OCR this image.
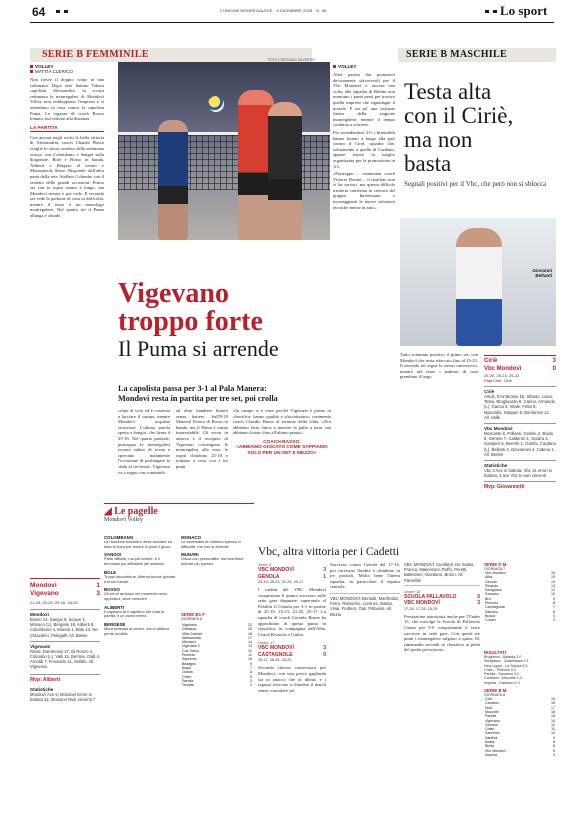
64	L'UNIONE MONREGALESE · 3 DICEMBRE 2025 · N. 46	Lo sport
SERIE B FEMMINILE	FOTO CRISTIANO SILVESTRI
VOLLEY
MATTIA CLERICO
Non riesce il doppio colpo in una settimana. Dopo aver battuto Tabora capolista Alessandria, la scorsa settimana le monregalesi di Mondovì Volley non raddoppiano l'impresa e si arrendono in casa contro la capolista Puma. Le ragazze di coach Bosco lottano, ma cedono alla distanza.
LA PARTITA
Con ancora negli occhi la bella vittoria di Alessandria, coach Claudio Basso sceglie lo stesso sestetto della settimana scorsa, con Colombano e Sangoi sulla diagonale, Bole e Bosso in banda, Aliberti e Bergese al centro e Monasterolo libero. Risponde, dall'altra parte della rete, Stellato Colombo con il sestetto delle grandi occasioni. Primo set con le ospiti avanti a lungo, ma Mondovì rientra e poi cede. Il secondo set vede le padrone di casa in difficoltà, mentre il terzo è un monologo monregalese. Nel quarto set il Puma allunga e chiude.
Vigevano
troppo forte
Il Puma si arrende
La capolista passa per 3-1 al Pala Manera:
Mondovì resta in partita per tre set, poi crolla
colpo al volo ed è costretta a lasciare il campo, mentre Mondovì acquista sicurezza. L'ultima parola spetta a Sangoi, che firma il 25-16. Nel quarto parziale, purtroppo le monregalesi escono subito di scena e sprecano malamente l'occasione di prolungare la sfida al tie-break. Vigevano va a segno con continuità.
ad altre bandiere bianca senza battere. Sull'8-10 Manera! Errore di Bosso in banda, ma il Puma è ormai inarrestabile. Gli errori in attacco e il recupero di Vigevano costringono le monregalesi alla resa: le ospiti chiudono 25-18 e tornano a casa con i tre punti.
«In campo si è visto perché Vigevano è primo in classifica: hanno qualità e sfaccettature» commenta coach Claudio Basso al termine della sfida. «Noi abbiamo fatto fatica a mettere la palla a terra, ma abbiamo lottato fino all'ultimo punto».
COACH BASSO:
«ABBIAMO GIOCATO COME SAPPIAMO SOLO PER UN SET E MEZZO»
◢ Le pagelle
Mondovì Volley
COLOMBANO
La ricezione traballa e deve lavorare su tutta la linea per tenere in piedi il gioco.
SANGOI
Parte difficile, ma poi cresce, è il terminale più affidabile del sestetto.
BOLE
Troppi discontinua. Alterna buone giocate a errori banali.
BOSSO
Gli errori arrivano nei momenti meno opportuni, deve crescere.
ALIBERTI
Il capitano fa il capitano per tutta la partita, è un punto fermo.
BERGESE
Mura ordinato al centro, ma in attacco perde lucidità.
MONACO
Le avversarie la mettono spesso in difficoltà, ma non si arrende.
MUNARI
Gioca con personalità, ma dovrebbe entrare più spesso.
SERIE B1 F
GIORNATA 8
Vigevano	22
Garlasco	20
Villa Cortese	18
Alessandria	17
Mondovì	14
Vigevano 2	13
Cus Torino	12
Pinerolo	11
Sanremo	10
Bistagno	9
Acqui	7
Ovada	6
Chieri	5
Parella	3
Trecate	2
Mondovì	1
Vigevano	3
21-25, 20-25, 25-16, 18-25
Mondovì
Bosso 14, Sangoi 9, Sciave 1, Monaco (L), Bergese 16, Aliberti 8, Colombano 4, Munari 1, Bole 13. Ne: Chiavarini, Pelegalli. All. Basso
Vigevano
Rossi, Dambrosio 17, Di Ronzo 4, Colombo (L), Valli 15, Berrina, Galli 4, Arnoldi 7, Fonsoldo 11, Sellitto. All. Vigevano
Mvp: Aliberti
Statistiche
Mondovì Ace 5, Mondovì Errori in battuta 12, Mondovì Muri vincenti 7
SERIE B MASCHILE
VOLLEY
Altra partita dai pronostici decisamente sfavorevoli per il Vbc Mondovì e, ancora una volta, alla squadra di Bertini non mancano i punti persi per trovare quella impresa che riguadagni il morale. E un po' una costante finora della stagione monregalese, mentre il tempo continua a scorrere.
Per arrendendosi 3-0, i biancoblù hanno lottato a lungo alla pari contro il Ciriè, squadra che, solitamente a quella di Cardano, appare essere la meglio organizzata per la promozione in A3.
«Purtroppo – commenta coach Vittorio Bertini – il risultato non ci ha sorriso, ma questa difficile trasferta conferma la crescita del gruppo. Interessanti e incoraggianti le nuove soluzioni tecniche messe in atto».
Testa alta
con il Ciriè,
ma non
basta
Segnali positivi per il Vbc, che però non si sblocca
Giovanni Bellanti
Tutto sommato positivo il primo set, con Mondovì che resta attaccato fino al 23-23. Il secondo set segue lo stesso canovaccio, mentre nel terzo i padroni di casa prendono il largo.
Ciriè	3
Vbc Mondovì	0
25-20, 25-23, 25-22
Pala Ciriè, Ciriè
Ciriè
Artioli, D'Ambrosio 15, Sifanto, Loiza, Testa, Brugliuardo 8, Carino, Armando (L), Garcia 2, Vitale, Fetta 8. Macciolla, Gasperi 8, Bonfantini 12. All. Vallè
Vbc Mondovì
Mercante 6, Pollarsi, Gentile 2, Boido 8, Genero 7, Calderon 1, Sciaira 3, Gamperi 6, Berretti 1, Gambi, Cardano (L), Bellanti 3, Giovannini 4, Catena 1. All. Bertini
Statistiche
Vbc 3 Ace in battuta; Vbc 14 errori in battuta, 3 ace Vbc 5 muri vincenti
Mvp: Giovannetti
Vbc, altra vittoria per i Cadetti
Serie D
VBC MONDOVÌ	3
GENOLA	1
25-19, 25-23, 21-25, 25-17
I cadetti del VBC Mondovì conquistano il quinto successo sulle sette gare disputate, superando al Palalitti il Genola per 3-1 in partite di 25-19, 25-23, 21-25, 25-17. La squadra di coach Corrado Bruno ha approfittato di questo punto in classifica, in compagnia dell'Alba, Coach Rivarolo e Giulia.
Under 17
VBC MONDOVÌ	3
CASTAGNOLE	0
25-21, 26-24, 25-22
Seconda vittoria consecutiva per Mondovì, con una prova gagliarda sia in attacco che in difesa, e i ragazzi riescono a chiudere il match senza concedere set.
Successo contro Genola del 17-16, poi ritrovano fluidità e chiudono in tre parziali. Molto bene l'intera squadra, in particolare il reparto centrale.
VBC MONDOVÌ: Bertoldi, Manfredini, Ferro, Ramorino, Lorenzo, Basso, Vinai, Fruttero, Gali. Pittavino. All. Bruno
VBC MONDOVÌ: Cuniberti, De Santis, Franco, Masenzani, Ruffo, Peretti, Balestrieri, Giordano, Bruno. All. Pantellini
Under 15
SCUOLA PALLAVOLO	0
VBC MONDOVÌ	3
17-25, 17-25, 15-25
Prestazione autoritaria anche per l'Under 15, che travolge la Scuola di Pallavolo Cuneo per 3-0 conquistando il sesto successo in sette gare. Con questi tre punti i monregalesi salgono a quota 18, rimanendo secondi in classifica ai piedi del podio provvisorio.
SERIE D M
GIORNATA 7
Vbc Mondovì	15
Alba	15
Genola	14
Rivarolo	13
Savigliano	12
Fossano	10
Bra	9
Pinerolo	8
Carmagnola	7
Saluzzo	6
Busca	4
Cuneo	2
RISULTATI
Brugherio - Albisola 3-0
Savigliano - Castellanza 3-1
New Ligure - La Spezia 0-3
Chieri - Pinerolo 3-2
Parella - Sanremo 3-0
Carisolve - Mozzate 1-3
Imperia - Garlasco 0-3
SERIE B M
GIORNATA 8
Ciriè	19
Cardano	18
Novi	17
Mozzate	16
Parella	15
Vigevano	14
Genova	12
Chieri	11
Sanremo	10
Santhià	9
Aosta	8
Biella	6
Vbc Mondovì	5
Imperia	3
